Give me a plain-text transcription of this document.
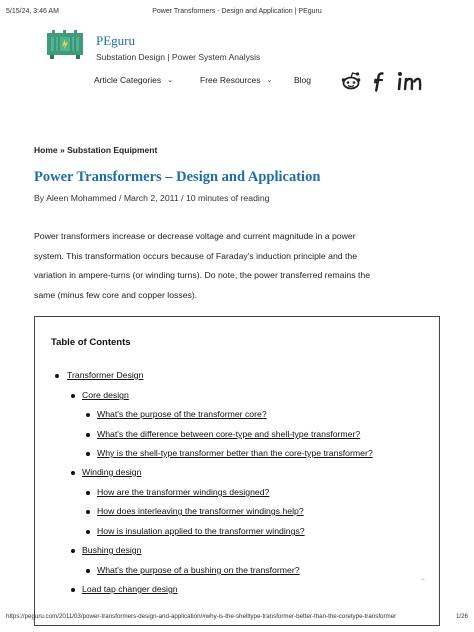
5/15/24, 3:46 AM	Power Transformers - Design and Application | PEguru
PEguru
Substation Design | Power System Analysis
Article Categories ⌄	Free Resources ⌄	Blog
Home » Substation Equipment
Power Transformers – Design and Application
By Aleen Mohammed / March 2, 2011 / 10 minutes of reading
Power transformers increase or decrease voltage and current magnitude in a power
system. This transformation occurs because of Faraday's induction principle and the
variation in ampere-turns (or winding turns). Do note, the power transferred remains the
same (minus few core and copper losses).
Table of Contents
Transformer Design
Core design
What's the purpose of the transformer core?
What's the difference between core-type and shell-type transformer?
Why is the shell-type transformer better than the core-type transformer?
Winding design
How are the transformer windings designed?
How does interleaving the transformer windings help?
How is insulation applied to the transformer windings?
Bushing design
What's the purpose of a bushing on the transformer?
Load tap changer design
⌃
https://peguru.com/2011/03/power-transformers-design-and-application/#why-is-the-shelltype-transformer-better-than-the-coretype-transformer	1/26
